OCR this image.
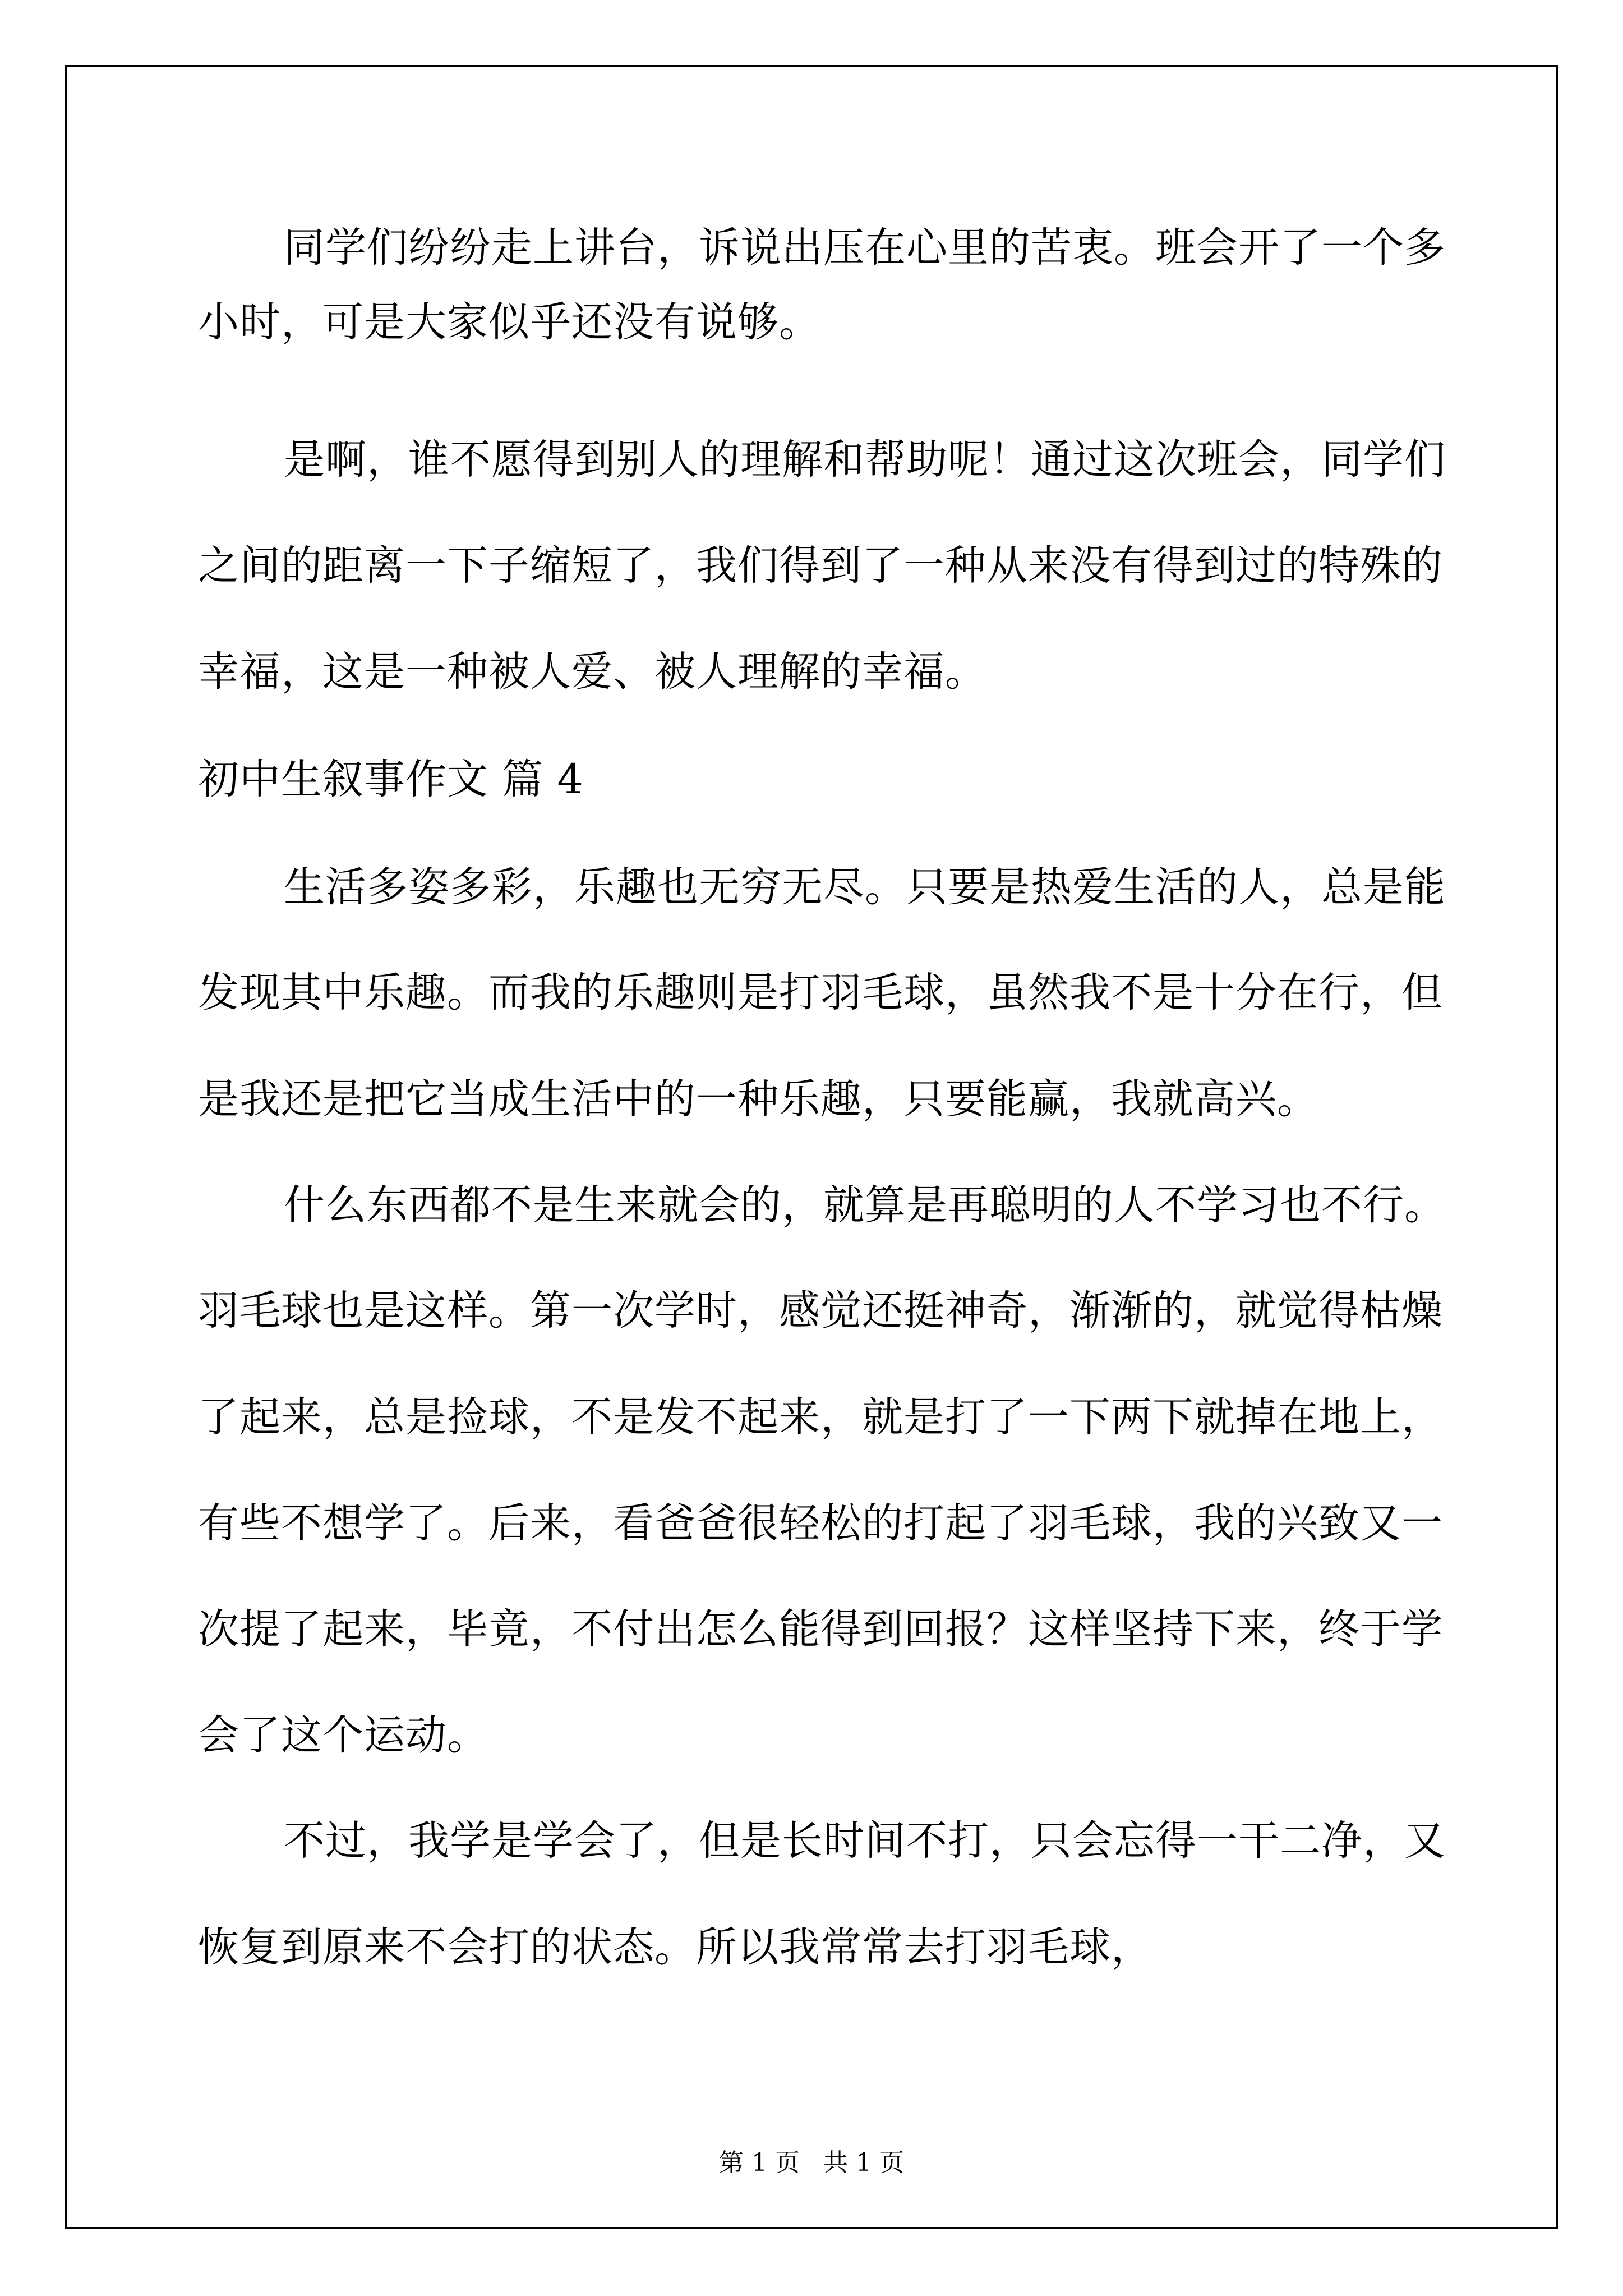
同学们纷纷走上讲台，诉说出压在心里的苦衷。班会开了一个多
小时，可是大家似乎还没有说够。
是啊，谁不愿得到别人的理解和帮助呢！通过这次班会，同学们
之间的距离一下子缩短了，我们得到了一种从来没有得到过的特殊的
幸福，这是一种被人爱、被人理解的幸福。
初中生叙事作文 篇 4
生活多姿多彩，乐趣也无穷无尽。只要是热爱生活的人，总是能
发现其中乐趣。而我的乐趣则是打羽毛球，虽然我不是十分在行，但
是我还是把它当成生活中的一种乐趣，只要能赢，我就高兴。
什么东西都不是生来就会的，就算是再聪明的人不学习也不行。
羽毛球也是这样。第一次学时，感觉还挺神奇，渐渐的，就觉得枯燥
了起来，总是捡球，不是发不起来，就是打了一下两下就掉在地上，
有些不想学了。后来，看爸爸很轻松的打起了羽毛球，我的兴致又一
次提了起来，毕竟，不付出怎么能得到回报？这样坚持下来，终于学
会了这个运动。
不过，我学是学会了，但是长时间不打，只会忘得一干二净，又
恢复到原来不会打的状态。所以我常常去打羽毛球，
第 1 页   共 1 页
